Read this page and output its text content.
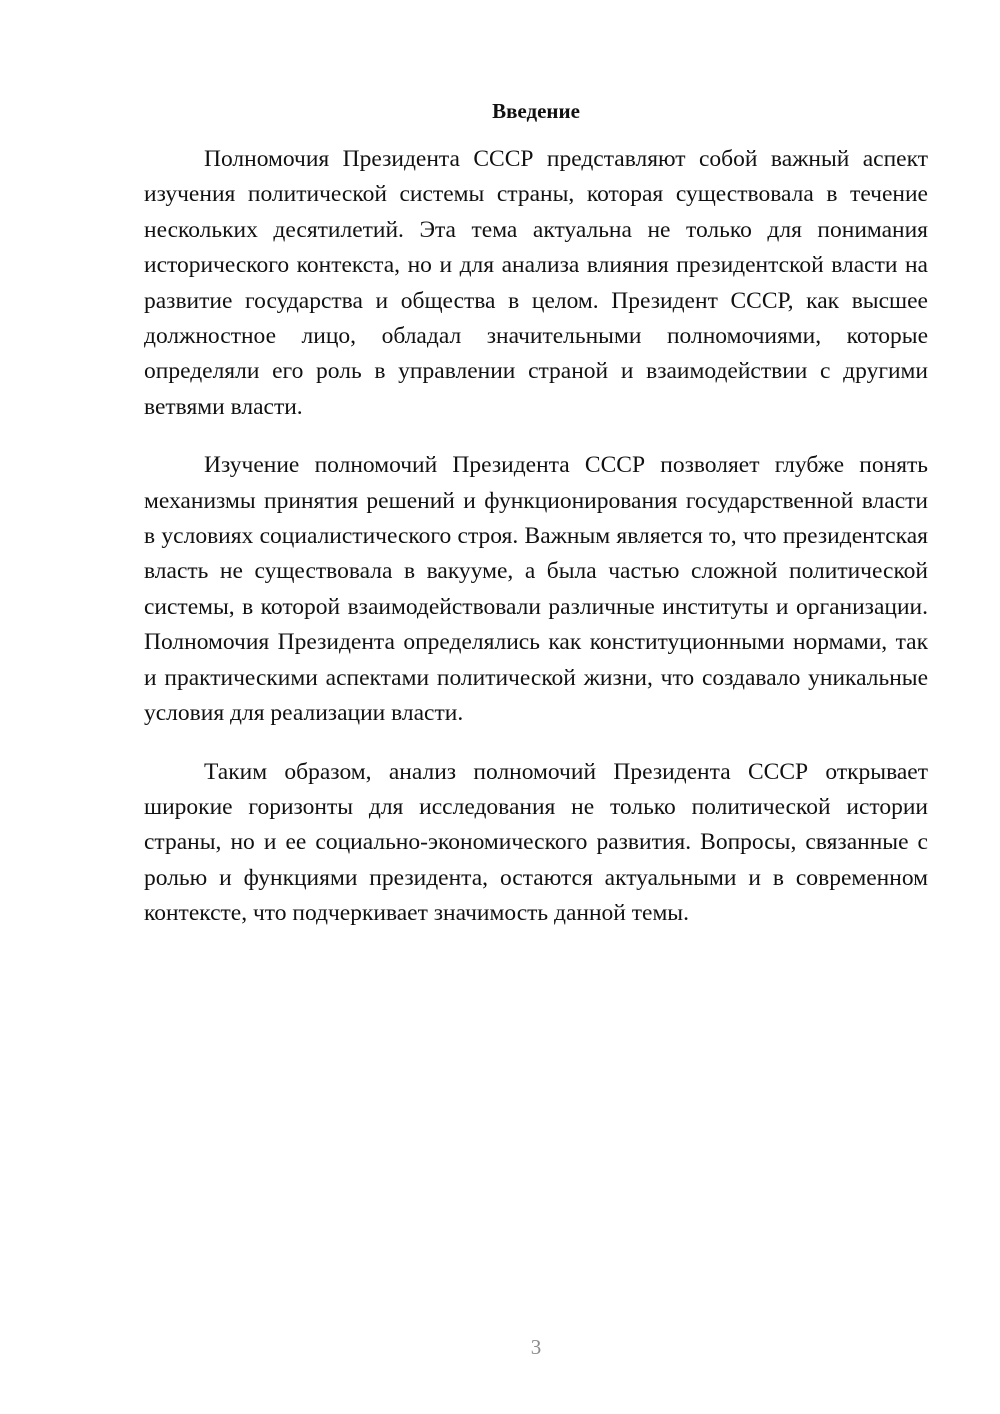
Введение

Полномочия Президента СССР представляют собой важный аспект изучения политической системы страны, которая существовала в течение нескольких десятилетий. Эта тема актуальна не только для понимания исторического контекста, но и для анализа влияния президентской власти на развитие государства и общества в целом. Президент СССР, как высшее должностное лицо, обладал значительными полномочиями, которые определяли его роль в управлении страной и взаимодействии с другими ветвями власти.

Изучение полномочий Президента СССР позволяет глубже понять механизмы принятия решений и функционирования государственной власти в условиях социалистического строя. Важным является то, что президентская власть не существовала в вакууме, а была частью сложной политической системы, в которой взаимодействовали различные институты и организации. Полномочия Президента определялись как конституционными нормами, так и практическими аспектами политической жизни, что создавало уникальные условия для реализации власти.

Таким образом, анализ полномочий Президента СССР открывает широкие горизонты для исследования не только политической истории страны, но и ее социально-экономического развития. Вопросы, связанные с ролью и функциями президента, остаются актуальными и в современном контексте, что подчеркивает значимость данной темы.

3
